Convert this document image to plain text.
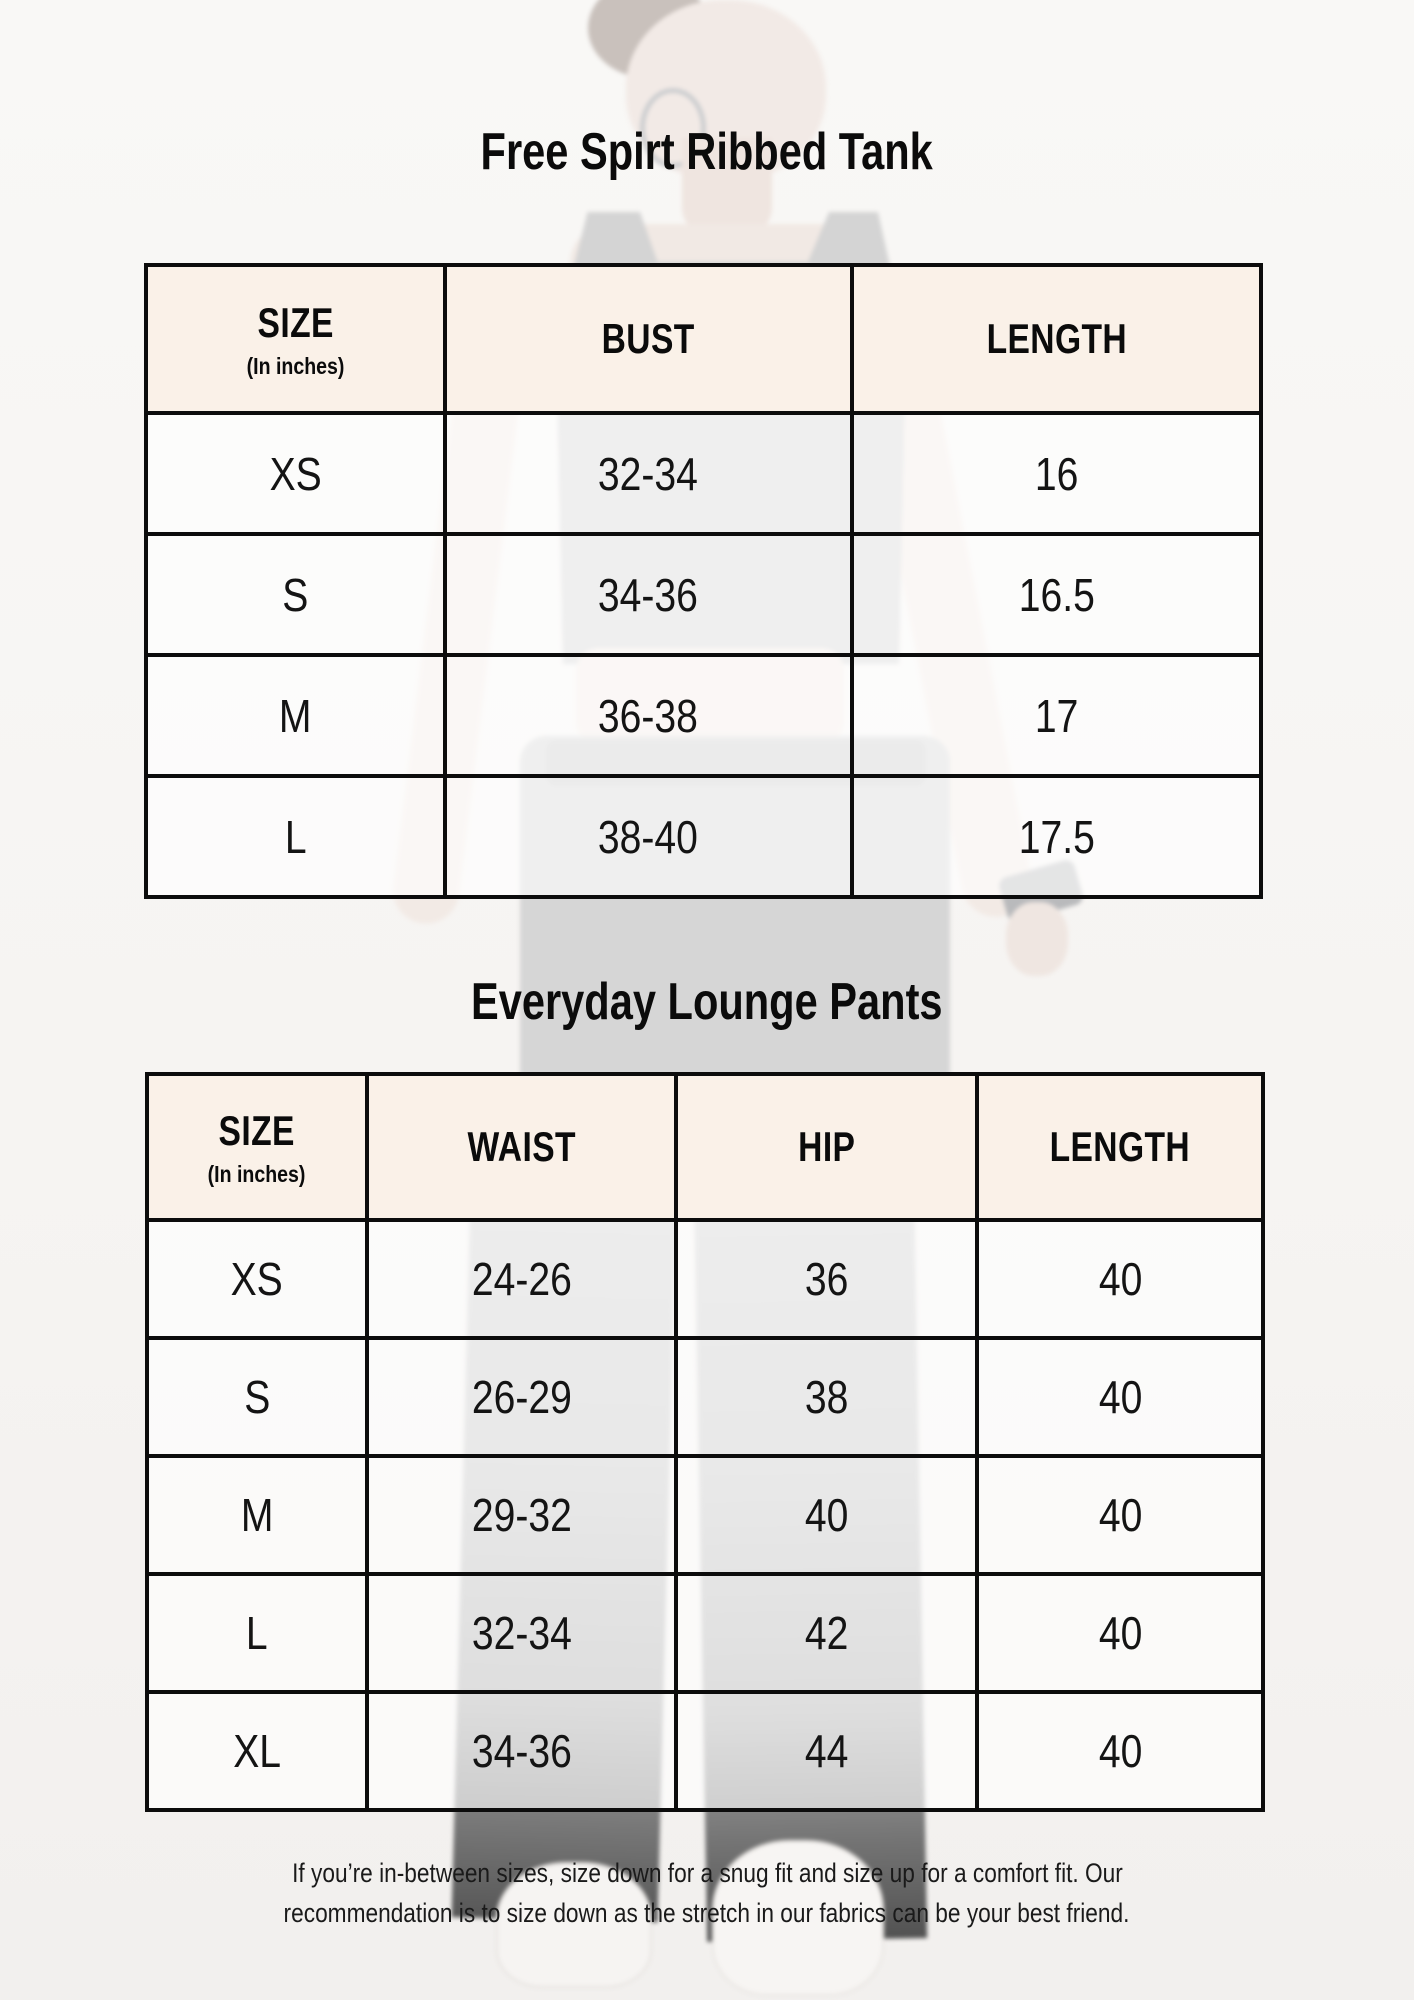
Free Spirt Ribbed Tank
SIZE
(In inches)	BUST	LENGTH
XS	32-34	16
S	34-36	16.5
M	36-38	17
L	38-40	17.5
Everyday Lounge Pants
SIZE
(In inches)	WAIST	HIP	LENGTH
XS	24-26	36	40
S	26-29	38	40
M	29-32	40	40
L	32-34	42	40
XL	34-36	44	40

If you’re in-between sizes, size down for a snug fit and size up for a comfort fit. Our
recommendation is to size down as the stretch in our fabrics can be your best friend.
